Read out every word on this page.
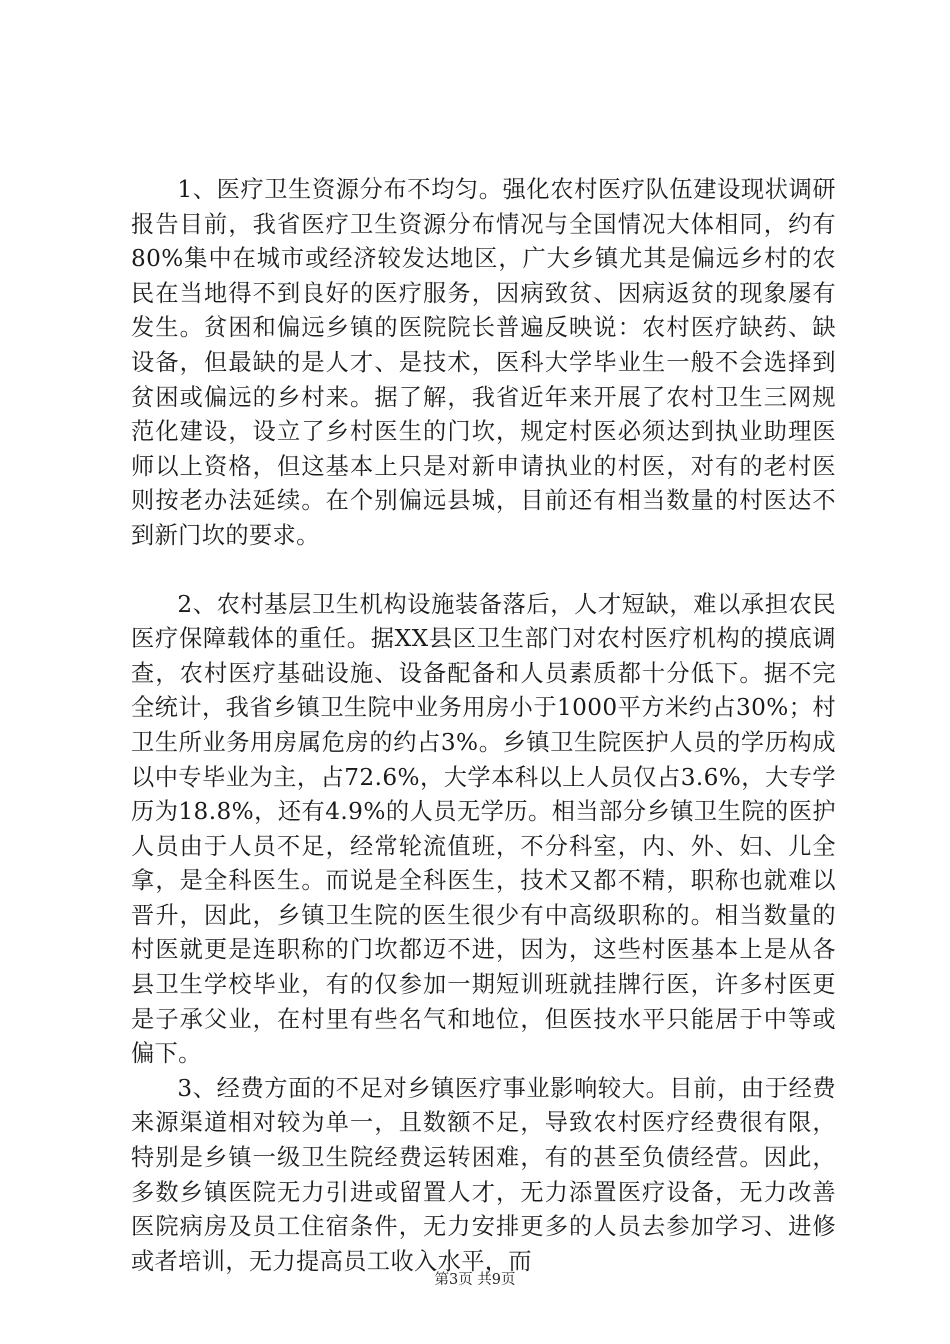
1、医疗卫生资源分布不均匀。强化农村医疗队伍建设现状调研报告目前，我省医疗卫生资源分布情况与全国情况大体相同，约有80%集中在城市或经济较发达地区，广大乡镇尤其是偏远乡村的农民在当地得不到良好的医疗服务，因病致贫、因病返贫的现象屡有发生。贫困和偏远乡镇的医院院长普遍反映说：农村医疗缺药、缺设备，但最缺的是人才、是技术，医科大学毕业生一般不会选择到贫困或偏远的乡村来。据了解，我省近年来开展了农村卫生三网规范化建设，设立了乡村医生的门坎，规定村医必须达到执业助理医师以上资格，但这基本上只是对新申请执业的村医，对有的老村医则按老办法延续。在个别偏远县城，目前还有相当数量的村医达不到新门坎的要求。

2、农村基层卫生机构设施装备落后，人才短缺，难以承担农民医疗保障载体的重任。据XX县区卫生部门对农村医疗机构的摸底调查，农村医疗基础设施、设备配备和人员素质都十分低下。据不完全统计，我省乡镇卫生院中业务用房小于1000平方米约占30%；村卫生所业务用房属危房的约占3%。乡镇卫生院医护人员的学历构成以中专毕业为主，占72.6%，大学本科以上人员仅占3.6%，大专学历为18.8%，还有4.9%的人员无学历。相当部分乡镇卫生院的医护人员由于人员不足，经常轮流值班，不分科室，内、外、妇、儿全拿，是全科医生。而说是全科医生，技术又都不精，职称也就难以晋升，因此，乡镇卫生院的医生很少有中高级职称的。相当数量的村医就更是连职称的门坎都迈不进，因为，这些村医基本上是从各县卫生学校毕业，有的仅参加一期短训班就挂牌行医，许多村医更是子承父业，在村里有些名气和地位，但医技水平只能居于中等或偏下。

3、经费方面的不足对乡镇医疗事业影响较大。目前，由于经费来源渠道相对较为单一，且数额不足，导致农村医疗经费很有限，特别是乡镇一级卫生院经费运转困难，有的甚至负债经营。因此，多数乡镇医院无力引进或留置人才，无力添置医疗设备，无力改善医院病房及员工住宿条件，无力安排更多的人员去参加学习、进修或者培训，无力提高员工收入水平，而

第3页 共9页
